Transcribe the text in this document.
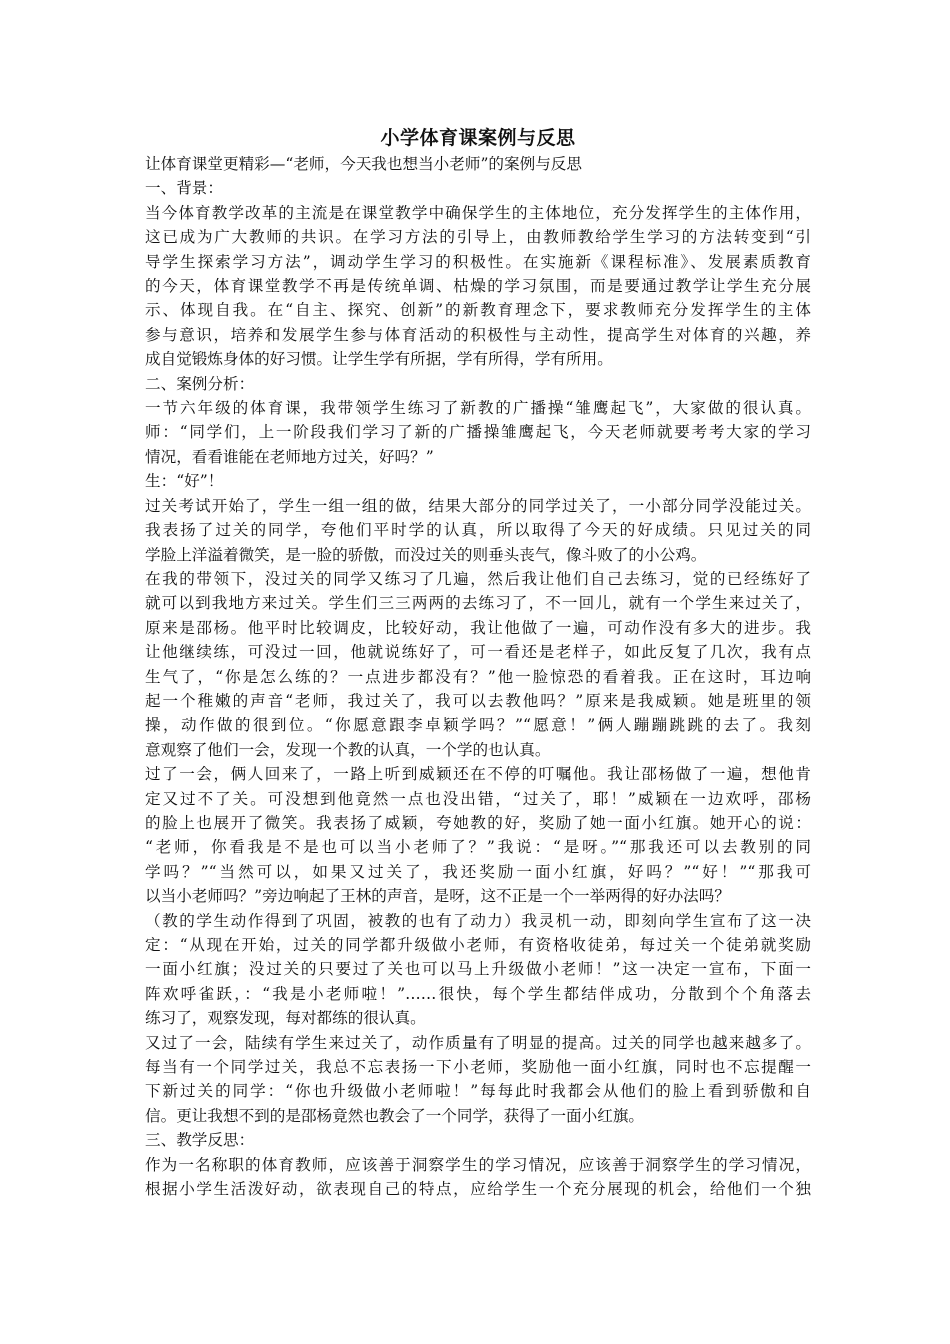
小学体育课案例与反思
让体育课堂更精彩—“老师，今天我也想当小老师”的案例与反思
一、背景：
当今体育教学改革的主流是在课堂教学中确保学生的主体地位，充分发挥学生的主体作用，
这已成为广大教师的共识。在学习方法的引导上，由教师教给学生学习的方法转变到“引
导学生探索学习方法”，调动学生学习的积极性。在实施新《课程标准》、发展素质教育
的今天，体育课堂教学不再是传统单调、枯燥的学习氛围，而是要通过教学让学生充分展
示、体现自我。在“自主、探究、创新”的新教育理念下，要求教师充分发挥学生的主体
参与意识，培养和发展学生参与体育活动的积极性与主动性，提高学生对体育的兴趣，养
成自觉锻炼身体的好习惯。让学生学有所据，学有所得，学有所用。
二、案例分析：
一节六年级的体育课，我带领学生练习了新教的广播操“雏鹰起飞”，大家做的很认真。
师：“同学们，上一阶段我们学习了新的广播操雏鹰起飞，今天老师就要考考大家的学习
情况，看看谁能在老师地方过关，好吗？”
生：“好”！
过关考试开始了，学生一组一组的做，结果大部分的同学过关了，一小部分同学没能过关。
我表扬了过关的同学，夸他们平时学的认真，所以取得了今天的好成绩。只见过关的同
学脸上洋溢着微笑，是一脸的骄傲，而没过关的则垂头丧气，像斗败了的小公鸡。
在我的带领下，没过关的同学又练习了几遍，然后我让他们自己去练习，觉的已经练好了
就可以到我地方来过关。学生们三三两两的去练习了，不一回儿，就有一个学生来过关了，
原来是邵杨。他平时比较调皮，比较好动，我让他做了一遍，可动作没有多大的进步。我
让他继续练，可没过一回，他就说练好了，可一看还是老样子，如此反复了几次，我有点
生气了，“你是怎么练的？一点进步都没有？”他一脸惊恐的看着我。正在这时，耳边响
起一个稚嫩的声音“老师，我过关了，我可以去教他吗？”原来是我威颖。她是班里的领
操，动作做的很到位。“你愿意跟李卓颖学吗？”“愿意！”俩人蹦蹦跳跳的去了。我刻
意观察了他们一会，发现一个教的认真，一个学的也认真。
过了一会，俩人回来了，一路上听到威颖还在不停的叮嘱他。我让邵杨做了一遍，想他肯
定又过不了关。可没想到他竟然一点也没出错，“过关了，耶！”威颖在一边欢呼，邵杨
的脸上也展开了微笑。我表扬了威颖，夸她教的好，奖励了她一面小红旗。她开心的说：
“老师，你看我是不是也可以当小老师了？”我说：“是呀。”“那我还可以去教别的同
学吗？”“当然可以，如果又过关了，我还奖励一面小红旗，好吗？”“好！”“那我可
以当小老师吗？”旁边响起了王林的声音，是呀，这不正是一个一举两得的好办法吗？
（教的学生动作得到了巩固，被教的也有了动力）我灵机一动，即刻向学生宣布了这一决
定：“从现在开始，过关的同学都升级做小老师，有资格收徒弟，每过关一个徒弟就奖励
一面小红旗；没过关的只要过了关也可以马上升级做小老师！”这一决定一宣布，下面一
阵欢呼雀跃，：“我是小老师啦！”……很快，每个学生都结伴成功，分散到个个角落去
练习了，观察发现，每对都练的很认真。
又过了一会，陆续有学生来过关了，动作质量有了明显的提高。过关的同学也越来越多了。
每当有一个同学过关，我总不忘表扬一下小老师，奖励他一面小红旗，同时也不忘提醒一
下新过关的同学：“你也升级做小老师啦！”每每此时我都会从他们的脸上看到骄傲和自
信。更让我想不到的是邵杨竟然也教会了一个同学，获得了一面小红旗。
三、教学反思：
作为一名称职的体育教师，应该善于洞察学生的学习情况，应该善于洞察学生的学习情况，
根据小学生活泼好动，欲表现自己的特点，应给学生一个充分展现的机会，给他们一个独
